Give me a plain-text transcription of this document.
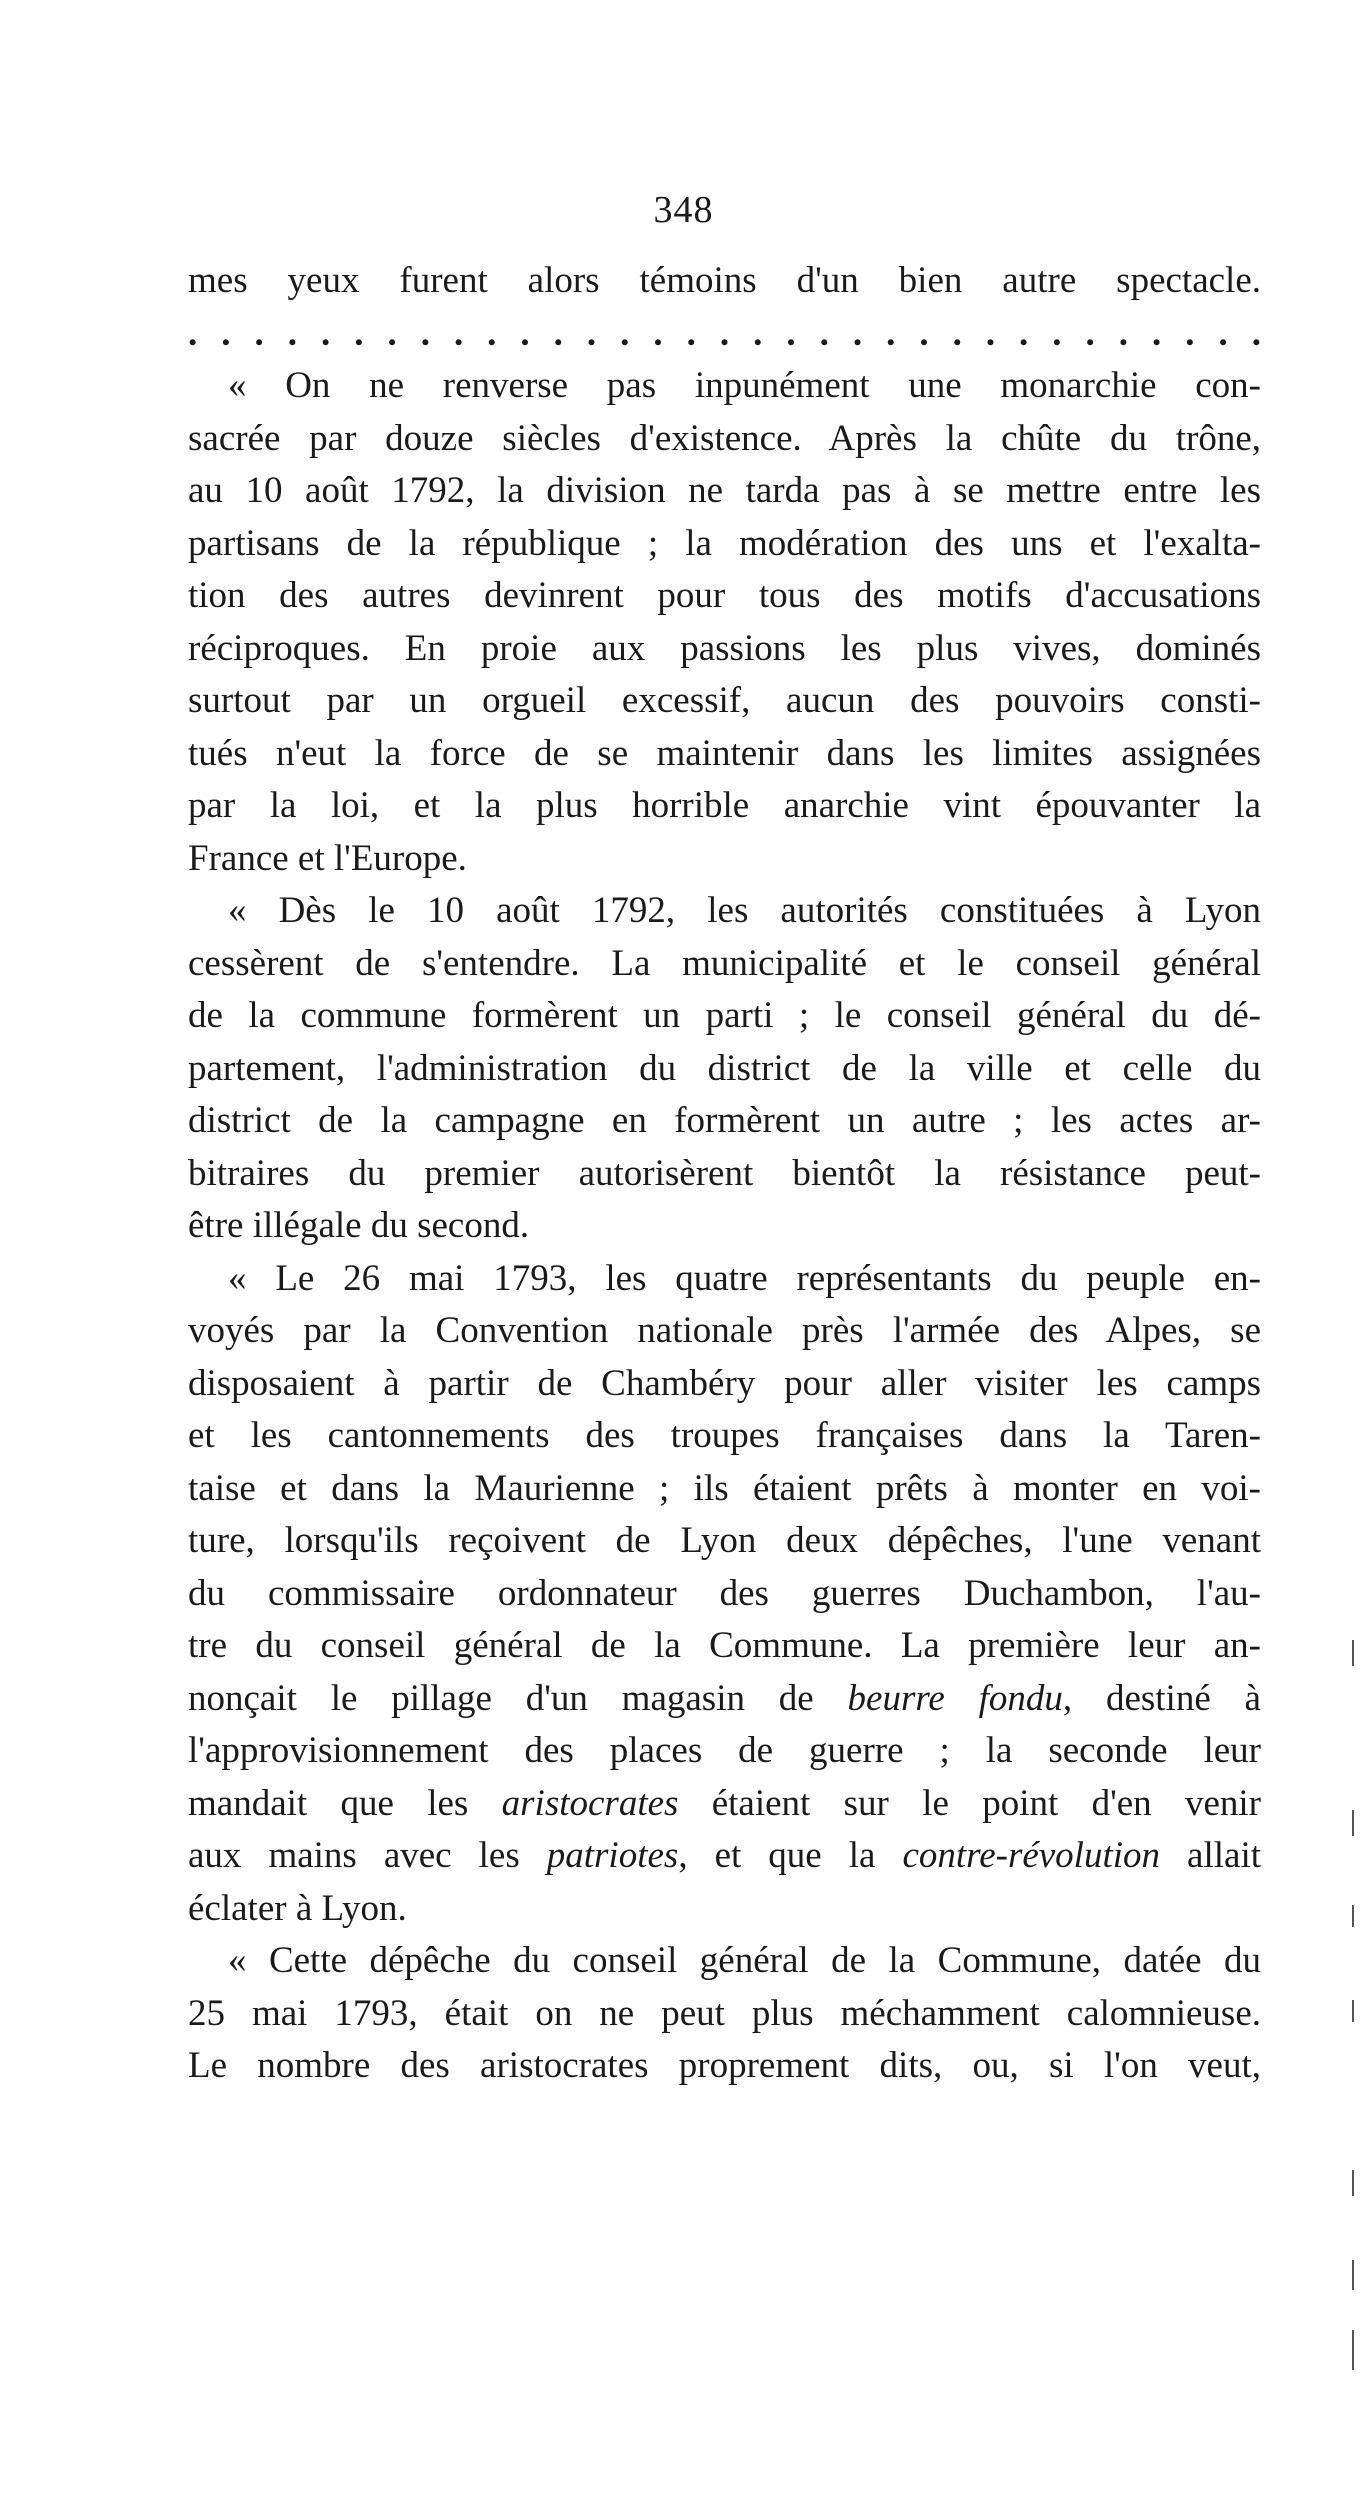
348
mes yeux furent alors témoins d'un bien autre spectacle.
. . . . . . . . . . . . . . . . . . . . . . . . . . . . . . . . .
« On ne renverse pas inpunément une monarchie con-
sacrée par douze siècles d'existence. Après la chûte du trône,
au 10 août 1792, la division ne tarda pas à se mettre entre les
partisans de la république ; la modération des uns et l'exalta-
tion des autres devinrent pour tous des motifs d'accusations
réciproques. En proie aux passions les plus vives, dominés
surtout par un orgueil excessif, aucun des pouvoirs consti-
tués n'eut la force de se maintenir dans les limites assignées
par la loi, et la plus horrible anarchie vint épouvanter la
France et l'Europe.
« Dès le 10 août 1792, les autorités constituées à Lyon
cessèrent de s'entendre. La municipalité et le conseil général
de la commune formèrent un parti ; le conseil général du dé-
partement, l'administration du district de la ville et celle du
district de la campagne en formèrent un autre ; les actes ar-
bitraires du premier autorisèrent bientôt la résistance peut-
être illégale du second.
« Le 26 mai 1793, les quatre représentants du peuple en-
voyés par la Convention nationale près l'armée des Alpes, se
disposaient à partir de Chambéry pour aller visiter les camps
et les cantonnements des troupes françaises dans la Taren-
taise et dans la Maurienne ; ils étaient prêts à monter en voi-
ture, lorsqu'ils reçoivent de Lyon deux dépêches, l'une venant
du commissaire ordonnateur des guerres Duchambon, l'au-
tre du conseil général de la Commune. La première leur an-
nonçait le pillage d'un magasin de beurre fondu, destiné à
l'approvisionnement des places de guerre ; la seconde leur
mandait que les aristocrates étaient sur le point d'en venir
aux mains avec les patriotes, et que la contre-révolution allait
éclater à Lyon.
« Cette dépêche du conseil général de la Commune, datée du
25 mai 1793, était on ne peut plus méchamment calomnieuse.
Le nombre des aristocrates proprement dits, ou, si l'on veut,
